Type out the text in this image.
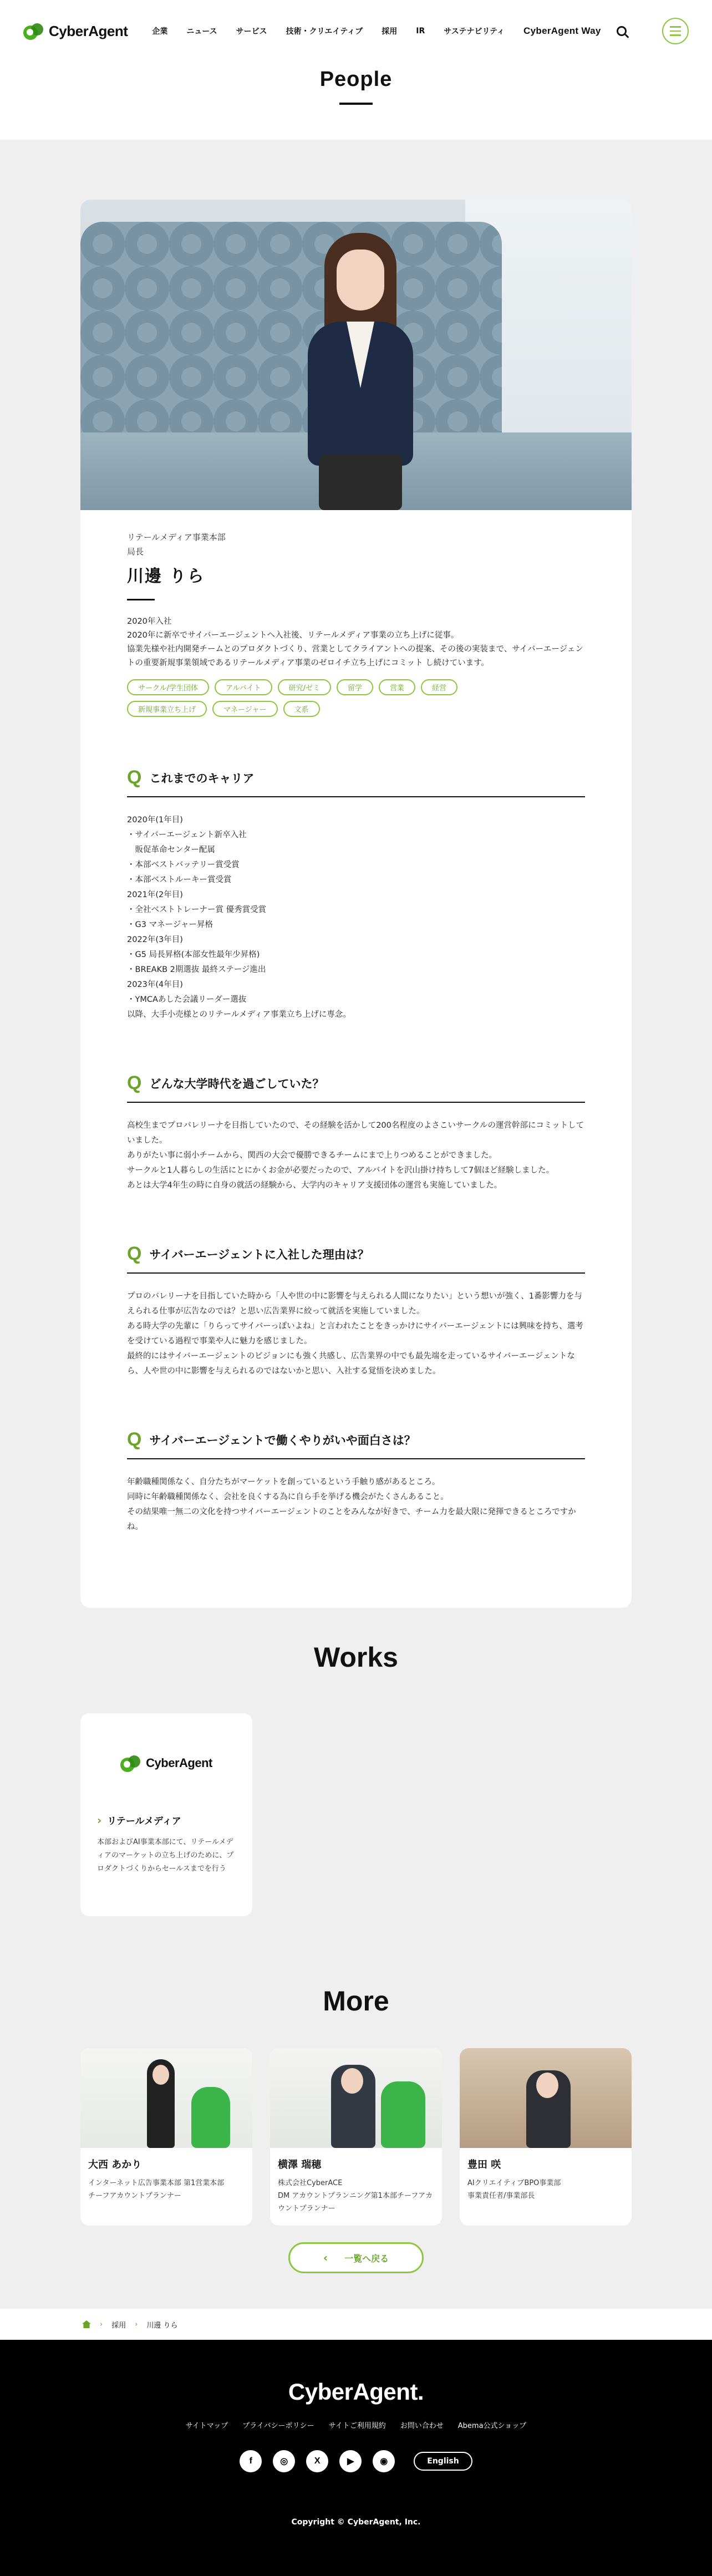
CyberAgent	企業 ニュース サービス 技術・クリエイティブ 採用 IR サステナビリティ CyberAgent Way
People
リテールメディア事業本部
局長
川邊 りら
2020年入社
2020年に新卒でサイバーエージェントへ入社後、リテールメディア事業の立ち上げに従事。
協業先様や社内開発チームとのプロダクトづくり、営業としてクライアントへの提案、その後の実装まで、サイバーエージェントの重要新規事業領域であるリテールメディア事業のゼロイチ立ち上げにコミット し続けています。
サークル/学生団体	アルバイト	研究/ゼミ	留学	営業	経営
新規事業立ち上げ	マネージャー	文系
Q これまでのキャリア
2020年(1年目)
・サイバーエージェント新卒入社
　販促革命センター配属
・本部ベストバッテリー賞受賞
・本部ベストルーキー賞受賞
2021年(2年目)
・全社ベストトレーナー賞 優秀賞受賞
・G3 マネージャー昇格
2022年(3年目)
・G5 局長昇格(本部女性最年少昇格)
・BREAKB 2期選抜 最終ステージ進出
2023年(4年目)
・YMCAあした会議リーダー選抜
以降、大手小売様とのリテールメディア事業立ち上げに専念。
Q どんな大学時代を過ごしていた？
高校生までプロバレリーナを目指していたので、その経験を活かして200名程度のよさこいサークルの運営幹部にコミットしていました。
ありがたい事に弱小チームから、関西の大会で優勝できるチームにまで上りつめることができました。
サークルと1人暮らしの生活にとにかくお金が必要だったので、アルバイトを沢山掛け持ちして7個ほど経験しました。
あとは大学4年生の時に自身の就活の経験から、大学内のキャリア支援団体の運営も実施していました。
Q サイバーエージェントに入社した理由は？
プロのバレリーナを目指していた時から「人や世の中に影響を与えられる人間になりたい」という想いが強く、1番影響力を与えられる仕事が広告なのでは？と思い広告業界に絞って就活を実施していました。
ある時大学の先輩に「りらってサイバーっぽいよね」と言われたことをきっかけにサイバーエージェントには興味を持ち、選考を受けている過程で事業や人に魅力を感じました。
最終的にはサイバーエージェントのビジョンにも強く共感し、広告業界の中でも最先端を走っているサイバーエージェントなら、人や世の中に影響を与えられるのではないかと思い、入社する覚悟を決めました。
Q サイバーエージェントで働くやりがいや面白さは？
年齢職種関係なく、自分たちがマーケットを創っているという手触り感があるところ。
同時に年齢職種関係なく、会社を良くする為に自ら手を挙げる機会がたくさんあること。
その結果唯一無二の文化を持つサイバーエージェントのことをみんなが好きで、チーム力を最大限に発揮できるところですかね。
Works
CyberAgent
› リテールメディア
本部およびAI事業本部にて、リテールメディアのマーケットの立ち上げのために、プロダクトづくりからセールスまでを行う
More
大西 あかり
インターネット広告事業本部 第1営業本部
チーフアカウントプランナー
横澤 瑞穂
株式会社CyberACE
DM アカウントプランニング第1本部チーフアカウントプランナー
豊田 咲
AIクリエイティブBPO事業部
事業責任者/事業部長
‹ 一覧へ戻る
› 採用 › 川邊 りら
CyberAgent.
サイトマップ プライバシーポリシー サイトご利用規約 お問い合わせ Abema公式ショップ
f	◎	X	▶	◉	English
Copyright © CyberAgent, Inc.
